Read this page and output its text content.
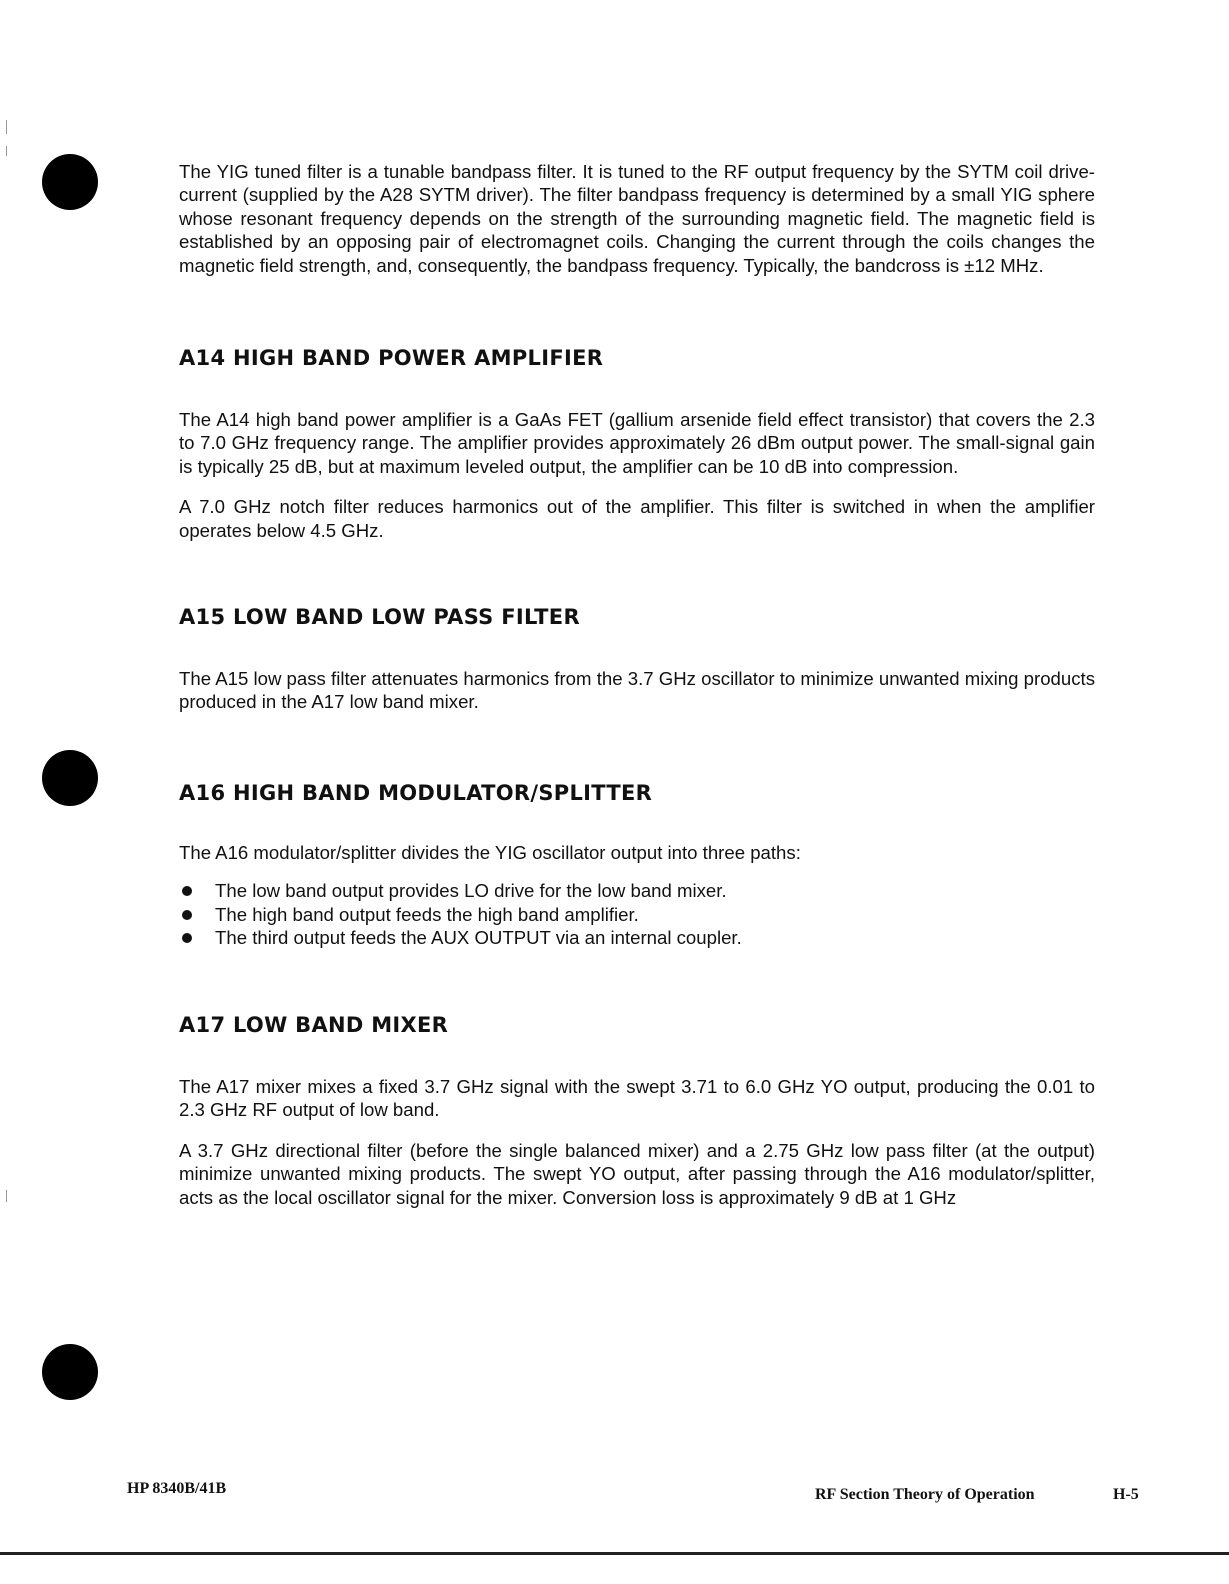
The YIG tuned filter is a tunable bandpass filter. It is tuned to the RF output frequency by the SYTM coil drive-current (supplied by the A28 SYTM driver). The filter bandpass frequency is determined by a small YIG sphere whose resonant frequency depends on the strength of the surrounding magnetic field. The magnetic field is established by an opposing pair of electromagnet coils. Changing the current through the coils changes the magnetic field strength, and, consequently, the bandpass frequency. Typically, the bandcross is ±12 MHz.

A14 HIGH BAND POWER AMPLIFIER

The A14 high band power amplifier is a GaAs FET (gallium arsenide field effect transistor) that covers the 2.3 to 7.0 GHz frequency range. The amplifier provides approximately 26 dBm output power. The small-signal gain is typically 25 dB, but at maximum leveled output, the amplifier can be 10 dB into compression.

A 7.0 GHz notch filter reduces harmonics out of the amplifier. This filter is switched in when the amplifier operates below 4.5 GHz.

A15 LOW BAND LOW PASS FILTER

The A15 low pass filter attenuates harmonics from the 3.7 GHz oscillator to minimize unwanted mixing products produced in the A17 low band mixer.

A16 HIGH BAND MODULATOR/SPLITTER

The A16 modulator/splitter divides the YIG oscillator output into three paths:

The low band output provides LO drive for the low band mixer.
The high band output feeds the high band amplifier.
The third output feeds the AUX OUTPUT via an internal coupler.
A17 LOW BAND MIXER

The A17 mixer mixes a fixed 3.7 GHz signal with the swept 3.71 to 6.0 GHz YO output, producing the 0.01 to 2.3 GHz RF output of low band.

A 3.7 GHz directional filter (before the single balanced mixer) and a 2.75 GHz low pass filter (at the output) minimize unwanted mixing products. The swept YO output, after passing through the A16 modulator/splitter, acts as the local oscillator signal for the mixer. Conversion loss is approximately 9 dB at 1 GHz

HP 8340B/41B	RF Section Theory of Operation	H-5
